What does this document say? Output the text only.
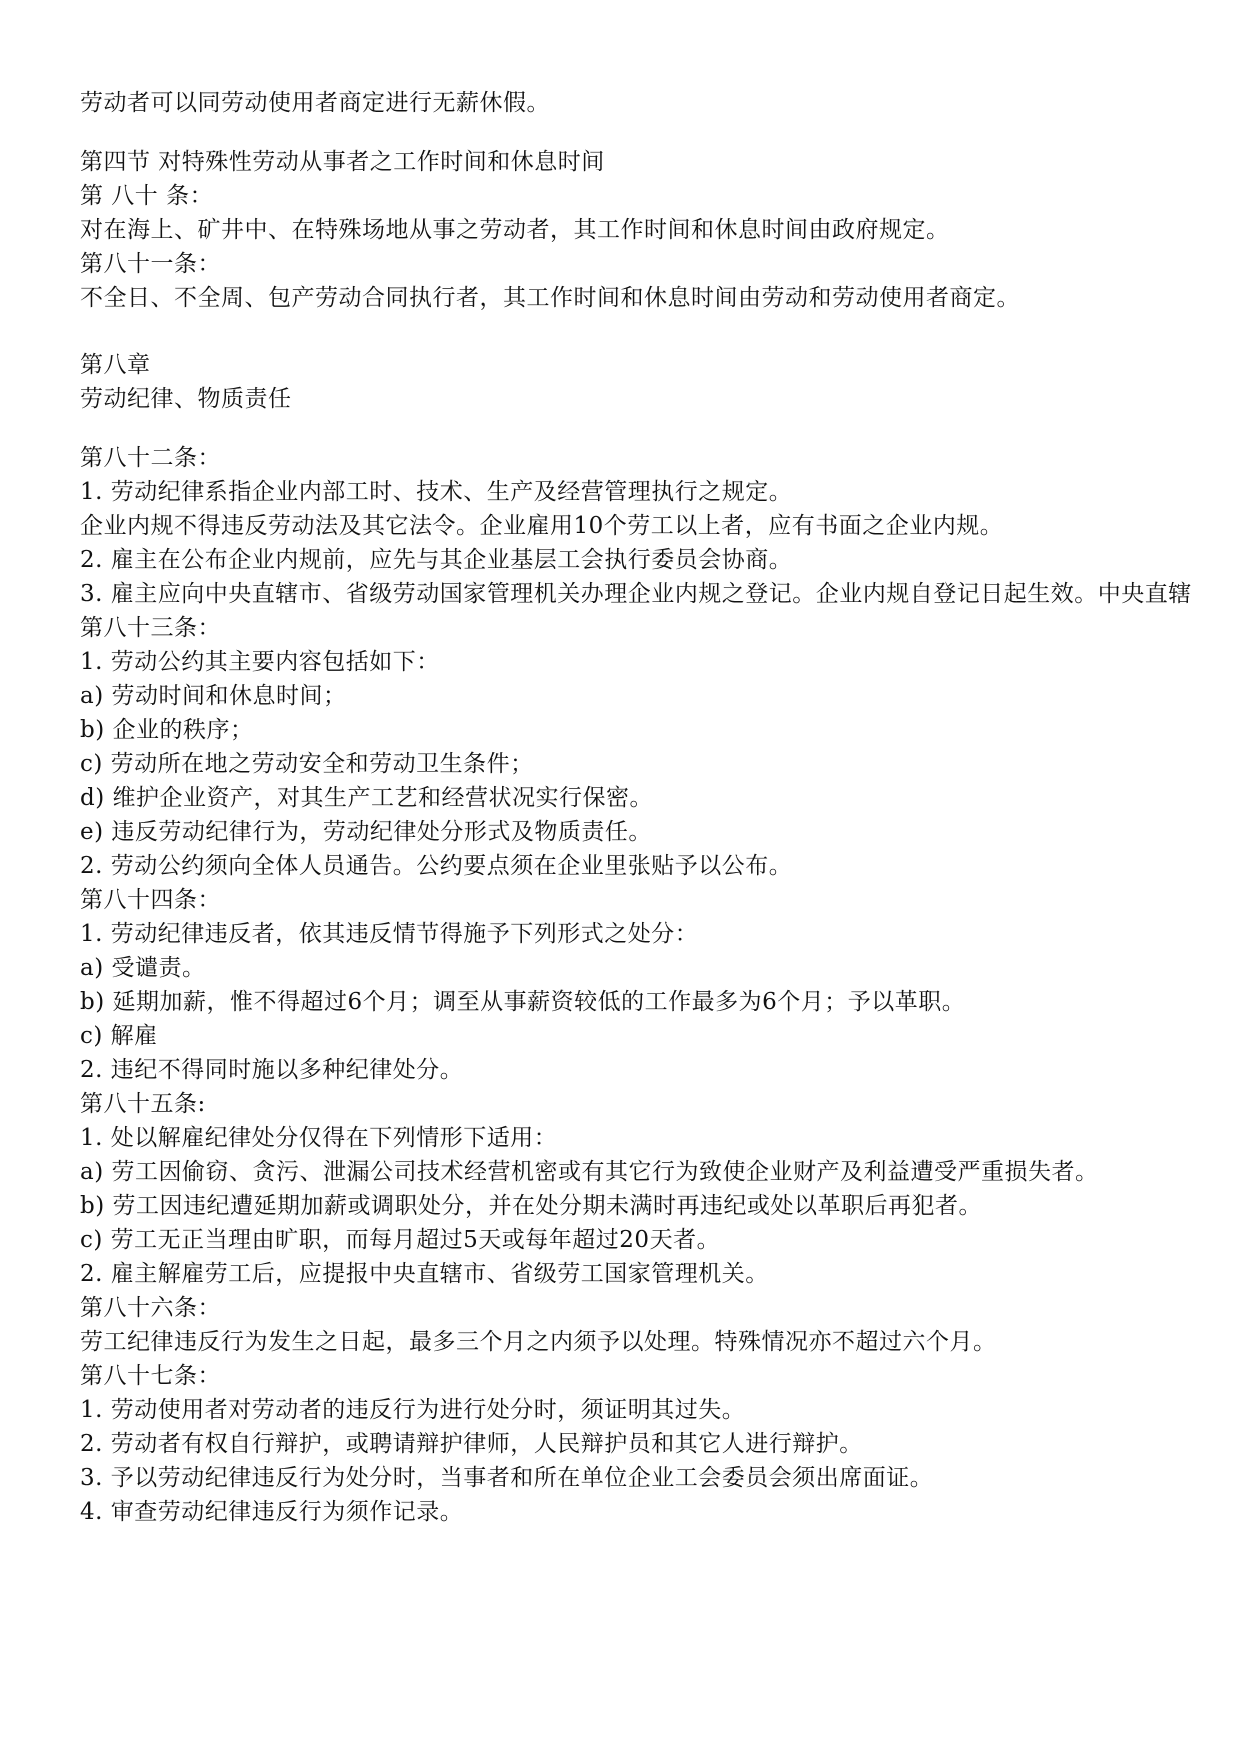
劳动者可以同劳动使用者商定进行无薪休假。
第四节 对特殊性劳动从事者之工作时间和休息时间
第 八十 条：
对在海上、矿井中、在特殊场地从事之劳动者，其工作时间和休息时间由政府规定。
第八十一条：
不全日、不全周、包产劳动合同执行者，其工作时间和休息时间由劳动和劳动使用者商定。
第八章
劳动纪律、物质责任
第八十二条：
1. 劳动纪律系指企业内部工时、技术、生产及经营管理执行之规定。
企业内规不得违反劳动法及其它法令。企业雇用10个劳工以上者，应有书面之企业内规。
2. 雇主在公布企业内规前，应先与其企业基层工会执行委员会协商。
3. 雇主应向中央直辖市、省级劳动国家管理机关办理企业内规之登记。企业内规自登记日起生效。中央直辖
第八十三条：
1. 劳动公约其主要内容包括如下：
a) 劳动时间和休息时间；
b) 企业的秩序；
c) 劳动所在地之劳动安全和劳动卫生条件；
d) 维护企业资产，对其生产工艺和经营状况实行保密。
e) 违反劳动纪律行为，劳动纪律处分形式及物质责任。
2. 劳动公约须向全体人员通告。公约要点须在企业里张贴予以公布。
第八十四条：
1. 劳动纪律违反者，依其违反情节得施予下列形式之处分：
a) 受谴责。
b) 延期加薪，惟不得超过6个月；调至从事薪资较低的工作最多为6个月；予以革职。
c) 解雇
2. 违纪不得同时施以多种纪律处分。
第八十五条:
1. 处以解雇纪律处分仅得在下列情形下适用：
a) 劳工因偷窃、贪污、泄漏公司技术经营机密或有其它行为致使企业财产及利益遭受严重损失者。
b) 劳工因违纪遭延期加薪或调职处分，并在处分期未满时再违纪或处以革职后再犯者。
c) 劳工无正当理由旷职，而每月超过5天或每年超过20天者。
2. 雇主解雇劳工后，应提报中央直辖市、省级劳工国家管理机关。
第八十六条：
劳工纪律违反行为发生之日起，最多三个月之内须予以处理。特殊情况亦不超过六个月。
第八十七条：
1. 劳动使用者对劳动者的违反行为进行处分时，须证明其过失。
2. 劳动者有权自行辩护，或聘请辩护律师，人民辩护员和其它人进行辩护。
3. 予以劳动纪律违反行为处分时，当事者和所在单位企业工会委员会须出席面证。
4. 审查劳动纪律违反行为须作记录。
